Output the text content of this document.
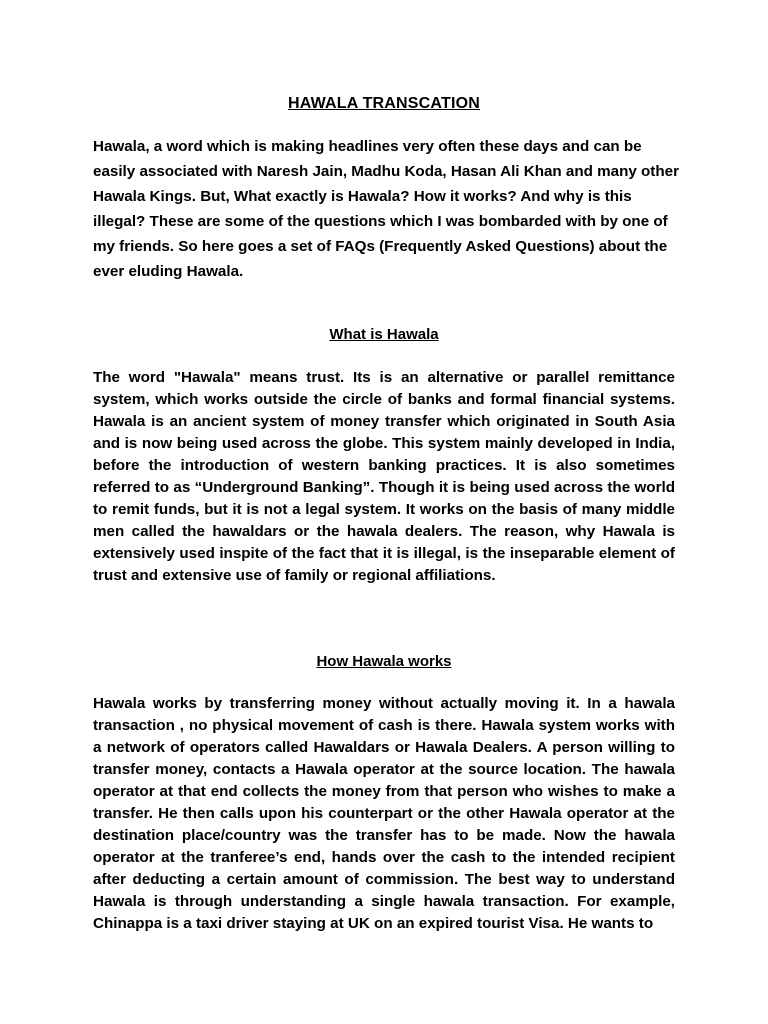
HAWALA TRANSCATION

Hawala, a word which is making headlines very often these days and can be easily associated with Naresh Jain, Madhu Koda, Hasan Ali Khan and many other Hawala Kings. But, What exactly is Hawala? How it works? And why is this illegal? These are some of the questions which I was bombarded with by one of my friends. So here goes a set of FAQs (Frequently Asked Questions) about the ever eluding Hawala.

What is Hawala

The word "Hawala" means trust. Its is an alternative or parallel remittance system, which works outside the circle of banks and formal financial systems. Hawala is an ancient system of money transfer which originated in South Asia and is now being used across the globe. This system mainly developed in India, before the introduction of western banking practices. It is also sometimes referred to as “Underground Banking”. Though it is being used across the world to remit funds, but it is not a legal system. It works on the basis of many middle men called the hawaldars or the hawala dealers. The reason, why Hawala is extensively used inspite of the fact that it is illegal, is the inseparable element of trust and extensive use of family or regional affiliations.

How Hawala works

Hawala works by transferring money without actually moving it. In a hawala transaction , no physical movement of cash is there. Hawala system works with a network of operators called Hawaldars or Hawala Dealers. A person willing to transfer money, contacts a Hawala operator at the source location. The hawala operator at that end collects the money from that person who wishes to make a transfer. He then calls upon his counterpart or the other Hawala operator at the destination place/country was the transfer has to be made. Now the hawala operator at the tranferee’s end, hands over the cash to the intended recipient after deducting a certain amount of commission. The best way to understand Hawala is through understanding a single hawala transaction. For example, Chinappa is a taxi driver staying at UK on an expired tourist Visa. He wants to
